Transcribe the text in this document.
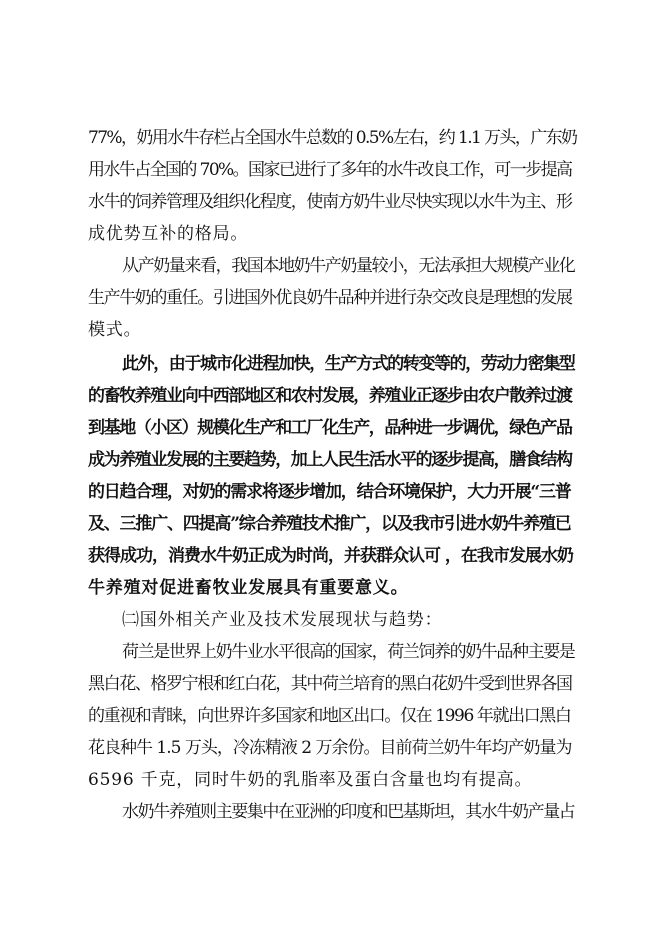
77%，奶用水牛存栏占全国水牛总数的 0.5%左右，约 1.1 万头，广东奶
用水牛占全国的 70%。国家已进行了多年的水牛改良工作，可一步提高
水牛的饲养管理及组织化程度，使南方奶牛业尽快实现以水牛为主、形
成优势互补的格局。
从产奶量来看，我国本地奶牛产奶量较小，无法承担大规模产业化
生产牛奶的重任。引进国外优良奶牛品种并进行杂交改良是理想的发展
模式。
此外，由于城市化进程加快，生产方式的转变等的，劳动力密集型
的畜牧养殖业向中西部地区和农村发展，养殖业正逐步由农户散养过渡
到基地（小区）规模化生产和工厂化生产，品种进一步调优，绿色产品
成为养殖业发展的主要趋势，加上人民生活水平的逐步提高，膳食结构
的日趋合理，对奶的需求将逐步增加，结合环境保护，大力开展“三普
及、三推广、四提高”综合养殖技术推广，以及我市引进水奶牛养殖已
获得成功，消费水牛奶正成为时尚，并获群众认可 ，在我市发展水奶
牛养殖对促进畜牧业发展具有重要意义。
㈡国外相关产业及技术发展现状与趋势：
荷兰是世界上奶牛业水平很高的国家，荷兰饲养的奶牛品种主要是
黑白花、格罗宁根和红白花，其中荷兰培育的黑白花奶牛受到世界各国
的重视和青睐，向世界许多国家和地区出口。仅在 1996 年就出口黑白
花良种牛 1.5 万头，冷冻精液 2 万余份。目前荷兰奶牛年均产奶量为
6596 千克，同时牛奶的乳脂率及蛋白含量也均有提高。
水奶牛养殖则主要集中在亚洲的印度和巴基斯坦，其水牛奶产量占
